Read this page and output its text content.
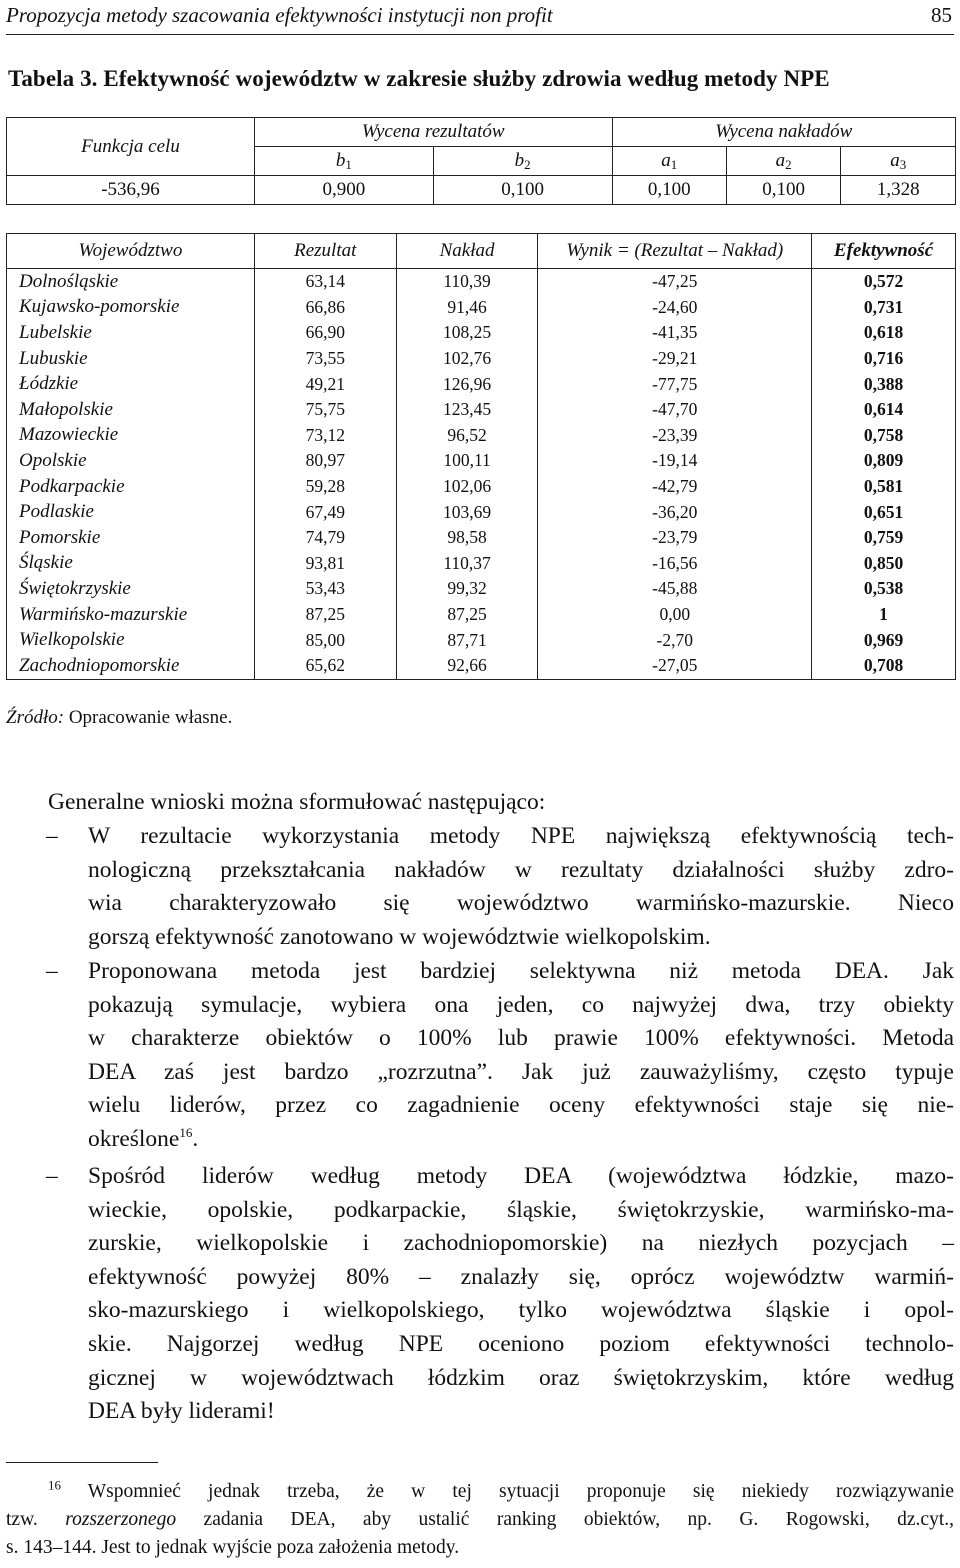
Propozycja metody szacowania efektywności instytucji non profit	85
Tabela 3. Efektywność województw w zakresie służby zdrowia według metody NPE
Funkcja celu	Wycena rezultatów		Wycena nakładów		
	$b_1$	$b_2$	$a_1$	$a_2$	$a_3$
-536,96	0,900	0,100	0,100	0,100	1,328
Województwo	Rezultat	Nakład	Wynik = (Rezultat – Nakład)	Efektywność
Dolnośląskie	63,14	110,39	-47,25	0,572
Kujawsko-pomorskie	66,86	91,46	-24,60	0,731
Lubelskie	66,90	108,25	-41,35	0,618
Lubuskie	73,55	102,76	-29,21	0,716
Łódzkie	49,21	126,96	-77,75	0,388
Małopolskie	75,75	123,45	-47,70	0,614
Mazowieckie	73,12	96,52	-23,39	0,758
Opolskie	80,97	100,11	-19,14	0,809
Podkarpackie	59,28	102,06	-42,79	0,581
Podlaskie	67,49	103,69	-36,20	0,651
Pomorskie	74,79	98,58	-23,79	0,759
Śląskie	93,81	110,37	-16,56	0,850
Świętokrzyskie	53,43	99,32	-45,88	0,538
Warmińsko-mazurskie	87,25	87,25	0,00	1
Wielkopolskie	85,00	87,71	-2,70	0,969
Zachodniopomorskie	65,62	92,66	-27,05	0,708
Źródło: Opracowanie własne.
Generalne wnioski można sformułować następująco:
–	W rezultacie wykorzystania metody NPE największą efektywnością tech-
nologiczną przekształcania nakładów w rezultaty działalności służby zdro-
wia charakteryzowało się województwo warmińsko-mazurskie. Nieco
gorszą efektywność zanotowano w województwie wielkopolskim.
–	Proponowana metoda jest bardziej selektywna niż metoda DEA. Jak
pokazują symulacje, wybiera ona jeden, co najwyżej dwa, trzy obiekty
w charakterze obiektów o 100% lub prawie 100% efektywności. Metoda
DEA zaś jest bardzo „rozrzutna”. Jak już zauważyliśmy, często typuje
wielu liderów, przez co zagadnienie oceny efektywności staje się nie-
określone$^{16}$.
–	Spośród liderów według metody DEA (województwa łódzkie, mazo-
wieckie, opolskie, podkarpackie, śląskie, świętokrzyskie, warmińsko-ma-
zurskie, wielkopolskie i zachodniopomorskie) na niezłych pozycjach –
efektywność powyżej 80% – znalazły się, oprócz województw warmiń-
sko-mazurskiego i wielkopolskiego, tylko województwa śląskie i opol-
skie. Najgorzej według NPE oceniono poziom efektywności technolo-
gicznej w województwach łódzkim oraz świętokrzyskim, które według
DEA były liderami!
$^{16}$ Wspomnieć jednak trzeba, że w tej sytuacji proponuje się niekiedy rozwiązywanie
tzw. rozszerzonego zadania DEA, aby ustalić ranking obiektów, np. G. Rogowski, dz.cyt.,
s. 143–144. Jest to jednak wyjście poza założenia metody.
